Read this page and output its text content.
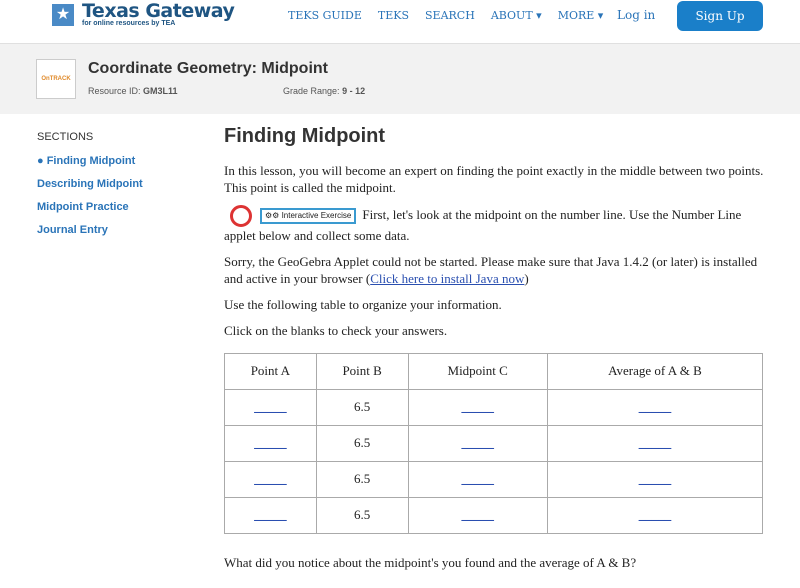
★ Texas Gateway
for online resources by TEA
TEKS GUIDE TEKS SEARCH ABOUT ▾ MORE ▾ Log in	Sign Up
OnTRACK
Coordinate Geometry: Midpoint
Resource ID: GM3L11	Grade Range: 9 - 12
SECTIONS
● Finding Midpoint
Describing Midpoint
Midpoint Practice
Journal Entry
Finding Midpoint

In this lesson, you will become an expert on finding the point exactly in the middle between two points. This point is called the midpoint.

⚙⚙ Interactive Exercise First, let's look at the midpoint on the number line. Use the Number Line applet below and collect some data.

Sorry, the GeoGebra Applet could not be started. Please make sure that Java 1.4.2 (or later) is installed and active in your browser (Click here to install Java now)

Use the following table to organize your information.

Click on the blanks to check your answers.

Point A	Point B	Midpoint C	Average of A & B
_____	6.5	_____	_____
_____	6.5	_____	_____
_____	6.5	_____	_____
_____	6.5	_____	_____

What did you notice about the midpoint's you found and the average of A & B?
